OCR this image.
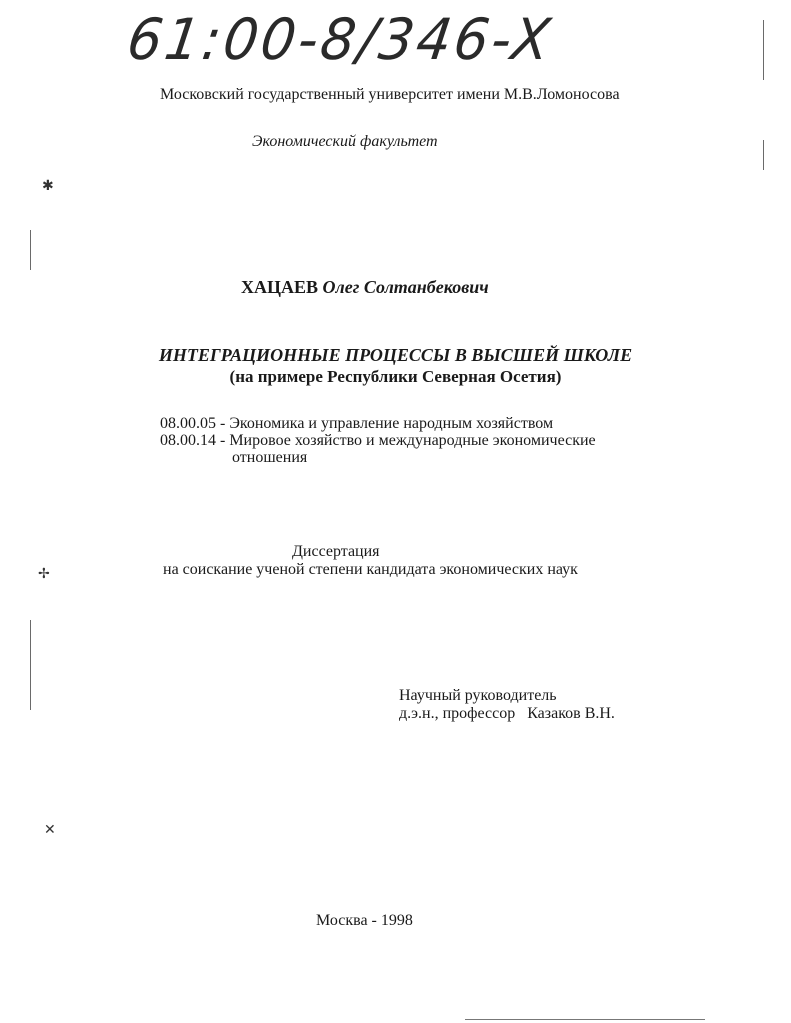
✱
✢
✕
61:00-8/346-X
Московский государственный университет имени М.В.Ломоносова
Экономический факультет
ХАЦАЕВ Олег Солтанбекович
ИНТЕГРАЦИОННЫЕ ПРОЦЕССЫ В ВЫСШЕЙ ШКОЛЕ
(на примере Республики Северная Осетия)
08.00.05 - Экономика и управление народным хозяйством
08.00.14 - Мировое хозяйство и международные экономические
отношения
Диссертация
на соискание ученой степени кандидата экономических наук
Научный руководитель
д.э.н., профессор   Казаков В.Н.
Москва - 1998
